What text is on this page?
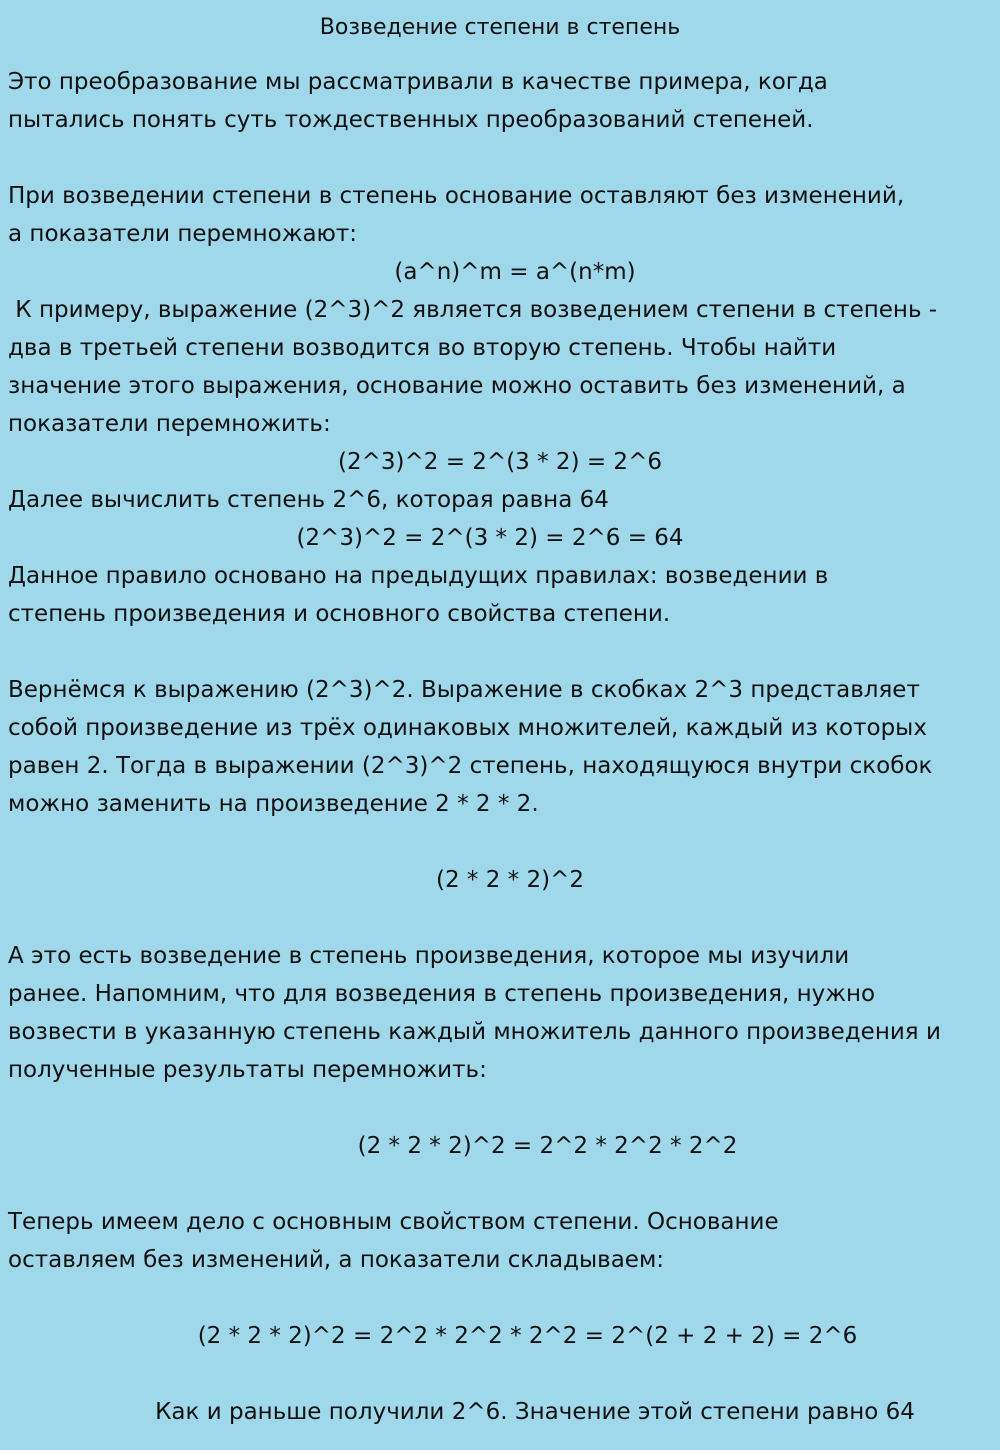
Возведение степени в степень
Это преобразование мы рассматривали в качестве примера, когда
пытались понять суть тождественных преобразований степеней.
При возведении степени в степень основание оставляют без изменений,
а показатели перемножают:
(a^n)^m = a^(n*m)
К примеру, выражение (2^3)^2 является возведением степени в степень -
два в третьей степени возводится во вторую степень. Чтобы найти
значение этого выражения, основание можно оставить без изменений, а
показатели перемножить:
(2^3)^2 = 2^(3 * 2) = 2^6
Далее вычислить степень 2^6, которая равна 64
(2^3)^2 = 2^(3 * 2) = 2^6 = 64
Данное правило основано на предыдущих правилах: возведении в
степень произведения и основного свойства степени.
Вернёмся к выражению (2^3)^2. Выражение в скобках 2^3 представляет
собой произведение из трёх одинаковых множителей, каждый из которых
равен 2. Тогда в выражении (2^3)^2 степень, находящуюся внутри скобок
можно заменить на произведение 2 * 2 * 2.
(2 * 2 * 2)^2
А это есть возведение в степень произведения, которое мы изучили
ранее. Напомним, что для возведения в степень произведения, нужно
возвести в указанную степень каждый множитель данного произведения и
полученные результаты перемножить:
(2 * 2 * 2)^2 = 2^2 * 2^2 * 2^2
Теперь имеем дело с основным свойством степени. Основание
оставляем без изменений, а показатели складываем:
(2 * 2 * 2)^2 = 2^2 * 2^2 * 2^2 = 2^(2 + 2 + 2) = 2^6
Как и раньше получили 2^6. Значение этой степени равно 64
